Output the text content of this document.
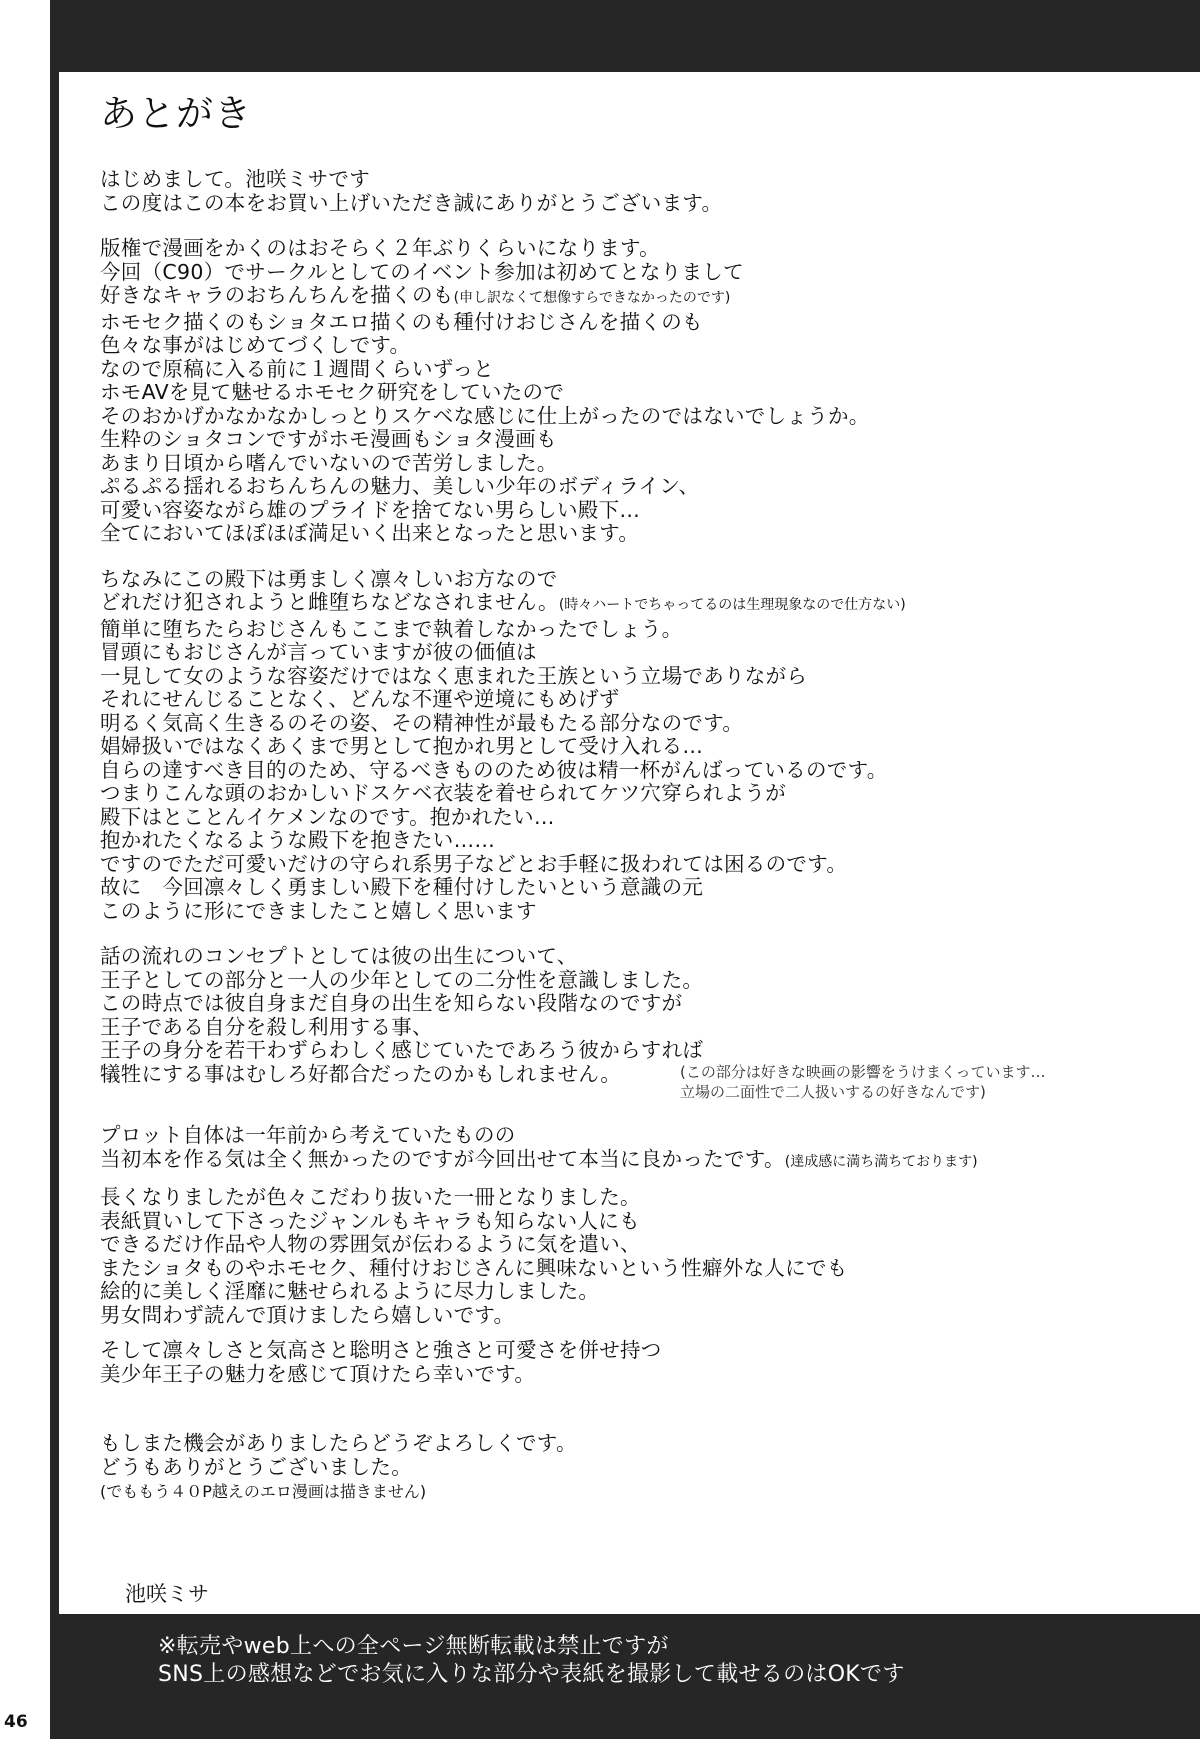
あとがき
はじめまして。池咲ミサです
この度はこの本をお買い上げいただき誠にありがとうございます。
版権で漫画をかくのはおそらく２年ぶりくらいになります。
今回（C90）でサークルとしてのイベント参加は初めてとなりまして
好きなキャラのおちんちんを描くのも(申し訳なくて想像すらできなかったのです)
ホモセク描くのもショタエロ描くのも種付けおじさんを描くのも
色々な事がはじめてづくしです。
なので原稿に入る前に１週間くらいずっと
ホモAVを見て魅せるホモセク研究をしていたので
そのおかげかなかなかしっとりスケベな感じに仕上がったのではないでしょうか。
生粋のショタコンですがホモ漫画もショタ漫画も
あまり日頃から嗜んでいないので苦労しました。
ぷるぷる揺れるおちんちんの魅力、美しい少年のボディライン、
可愛い容姿ながら雄のプライドを捨てない男らしい殿下…
全てにおいてほぼほぼ満足いく出来となったと思います。
ちなみにこの殿下は勇ましく凛々しいお方なので
どれだけ犯されようと雌堕ちなどなされません。(時々ハートでちゃってるのは生理現象なので仕方ない)
簡単に堕ちたらおじさんもここまで執着しなかったでしょう。
冒頭にもおじさんが言っていますが彼の価値は
一見して女のような容姿だけではなく恵まれた王族という立場でありながら
それにせんじることなく、どんな不運や逆境にもめげず
明るく気高く生きるのその姿、その精神性が最もたる部分なのです。
娼婦扱いではなくあくまで男として抱かれ男として受け入れる…
自らの達すべき目的のため、守るべきもののため彼は精一杯がんばっているのです。
つまりこんな頭のおかしいドスケベ衣装を着せられてケツ穴穿られようが
殿下はとことんイケメンなのです。抱かれたい…
抱かれたくなるような殿下を抱きたい……
ですのでただ可愛いだけの守られ系男子などとお手軽に扱われては困るのです。
故に　今回凛々しく勇ましい殿下を種付けしたいという意識の元
このように形にできましたこと嬉しく思います
話の流れのコンセプトとしては彼の出生について、
王子としての部分と一人の少年としての二分性を意識しました。
この時点では彼自身まだ自身の出生を知らない段階なのですが
王子である自分を殺し利用する事、
王子の身分を若干わずらわしく感じていたであろう彼からすれば
犠牲にする事はむしろ好都合だったのかもしれません。
プロット自体は一年前から考えていたものの
当初本を作る気は全く無かったのですが今回出せて本当に良かったです。(達成感に満ち満ちております)
長くなりましたが色々こだわり抜いた一冊となりました。
表紙買いして下さったジャンルもキャラも知らない人にも
できるだけ作品や人物の雰囲気が伝わるように気を遣い、
またショタものやホモセク、種付けおじさんに興味ないという性癖外な人にでも
絵的に美しく淫靡に魅せられるように尽力しました。
男女問わず読んで頂けましたら嬉しいです。
そして凛々しさと気高さと聡明さと強さと可愛さを併せ持つ
美少年王子の魅力を感じて頂けたら幸いです。
もしまた機会がありましたらどうぞよろしくです。
どうもありがとうございました。
(でももう４０P越えのエロ漫画は描きません)
(この部分は好きな映画の影響をうけまくっています…
立場の二面性で二人扱いするの好きなんです)
池咲ミサ
※転売やweb上への全ページ無断転載は禁止ですが
SNS上の感想などでお気に入りな部分や表紙を撮影して載せるのはOKです
46
